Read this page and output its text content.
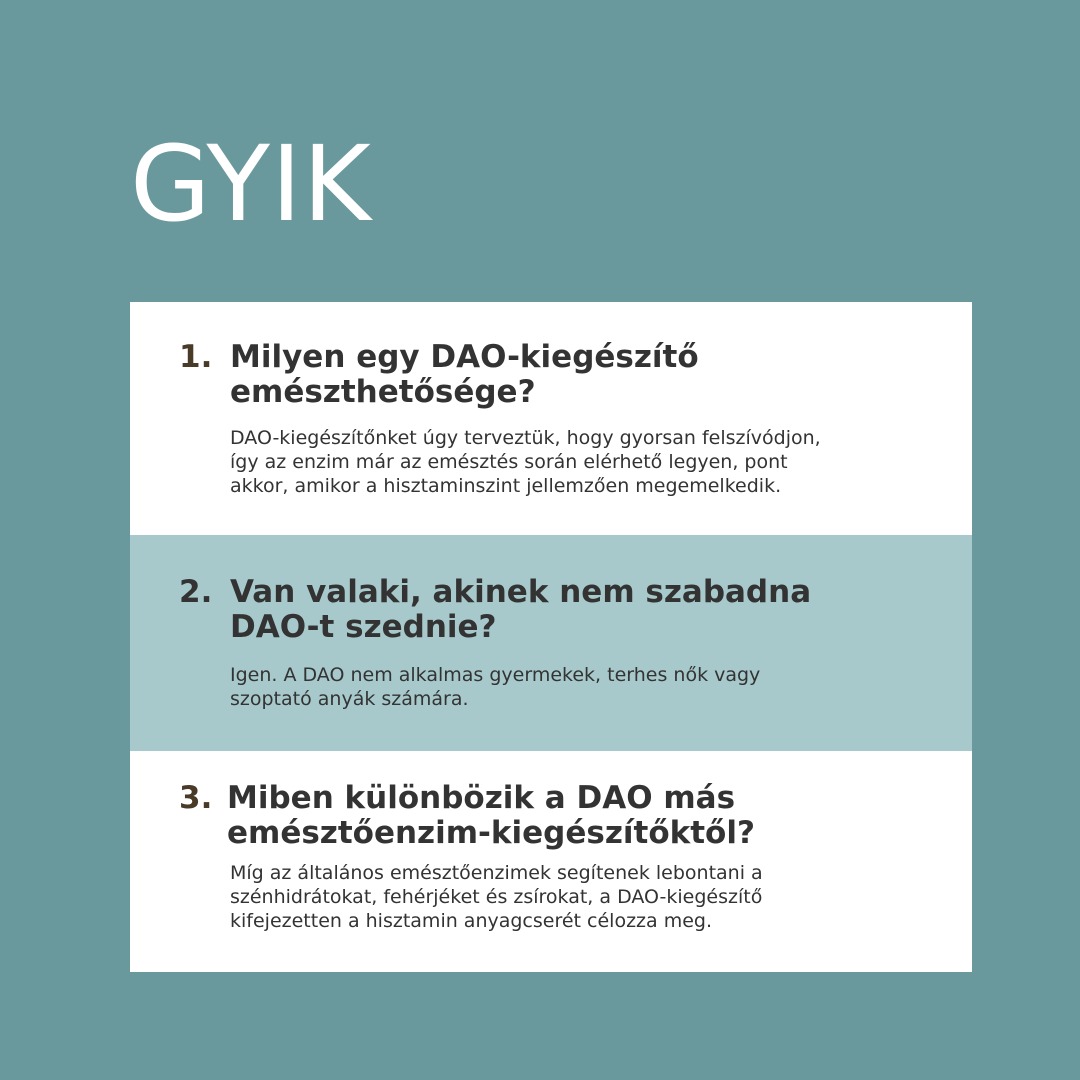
GYIK
1. Milyen egy DAO-kiegészítő
emészthetősége?

DAO-kiegészítőnket úgy terveztük, hogy gyorsan felszívódjon,
így az enzim már az emésztés során elérhető legyen, pont
akkor, amikor a hisztaminszint jellemzően megemelkedik.

2. Van valaki, akinek nem szabadna
DAO-t szednie?

Igen. A DAO nem alkalmas gyermekek, terhes nők vagy
szoptató anyák számára.

3. Miben különbözik a DAO más
emésztőenzim-kiegészítőktől?

Míg az általános emésztőenzimek segítenek lebontani a
szénhidrátokat, fehérjéket és zsírokat, a DAO-kiegészítő
kifejezetten a hisztamin anyagcserét célozza meg.
